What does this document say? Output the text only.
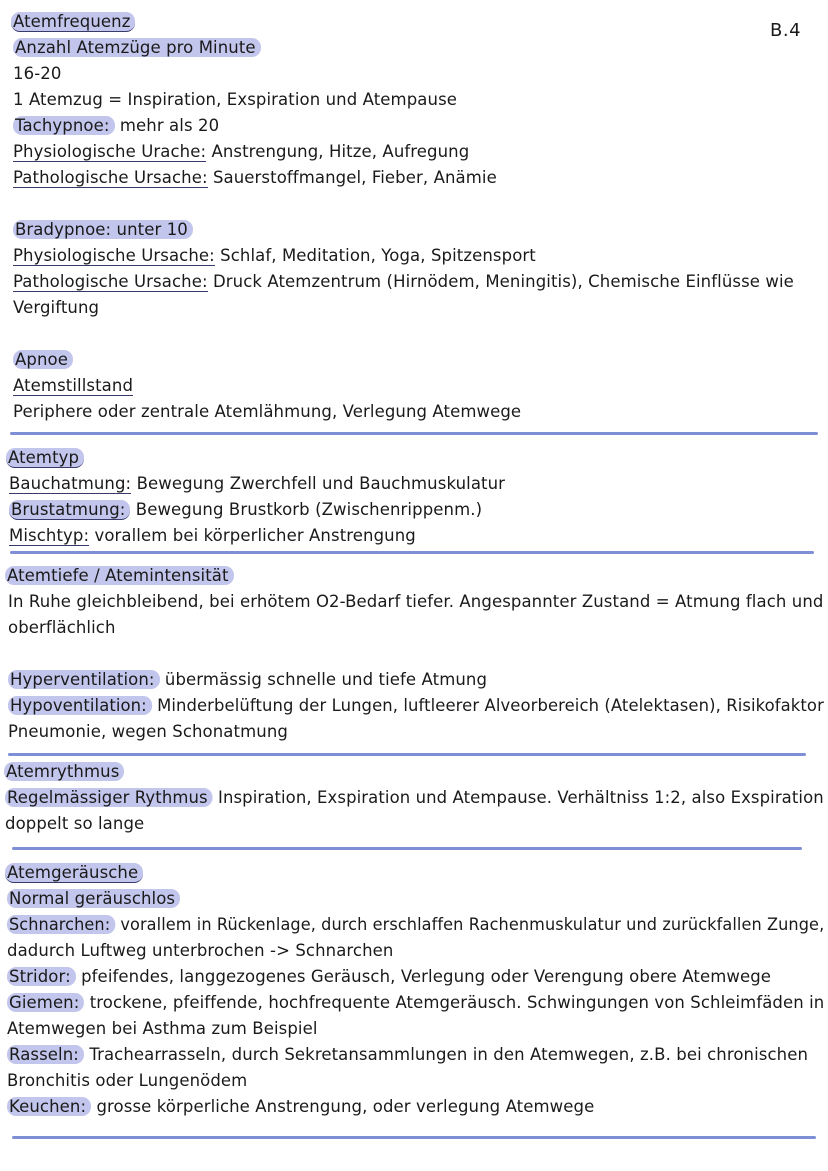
B.4
Atemfrequenz
Anzahl Atemzüge pro Minute
16-20
1 Atemzug = Inspiration, Exspiration und Atempause
Tachypnoe: mehr als 20
Physiologische Urache: Anstrengung, Hitze, Aufregung
Pathologische Ursache: Sauerstoffmangel, Fieber, Anämie
Bradypnoe: unter 10
Physiologische Ursache: Schlaf, Meditation, Yoga, Spitzensport
Pathologische Ursache: Druck Atemzentrum (Hirnödem, Meningitis), Chemische Einflüsse wie
Vergiftung
Apnoe
Atemstillstand
Periphere oder zentrale Atemlähmung, Verlegung Atemwege
Atemtyp
Bauchatmung: Bewegung Zwerchfell und Bauchmuskulatur
Brustatmung: Bewegung Brustkorb (Zwischenrippenm.)
Mischtyp: vorallem bei körperlicher Anstrengung
Atemtiefe / Atemintensität
In Ruhe gleichbleibend, bei erhötem O2-Bedarf tiefer. Angespannter Zustand = Atmung flach und
oberflächlich
Hyperventilation: übermässig schnelle und tiefe Atmung
Hypoventilation: Minderbelüftung der Lungen, luftleerer Alveorbereich (Atelektasen), Risikofaktor
Pneumonie, wegen Schonatmung
Atemrythmus
Regelmässiger Rythmus Inspiration, Exspiration und Atempause. Verhältniss 1:2, also Exspiration
doppelt so lange
Atemgeräusche
Normal geräuschlos
Schnarchen: vorallem in Rückenlage, durch erschlaffen Rachenmuskulatur und zurückfallen Zunge,
dadurch Luftweg unterbrochen -> Schnarchen
Stridor: pfeifendes, langgezogenes Geräusch, Verlegung oder Verengung obere Atemwege
Giemen: trockene, pfeiffende, hochfrequente Atemgeräusch. Schwingungen von Schleimfäden in
Atemwegen bei Asthma zum Beispiel
Rasseln: Trachearrasseln, durch Sekretansammlungen in den Atemwegen, z.B. bei chronischen
Bronchitis oder Lungenödem
Keuchen: grosse körperliche Anstrengung, oder verlegung Atemwege
